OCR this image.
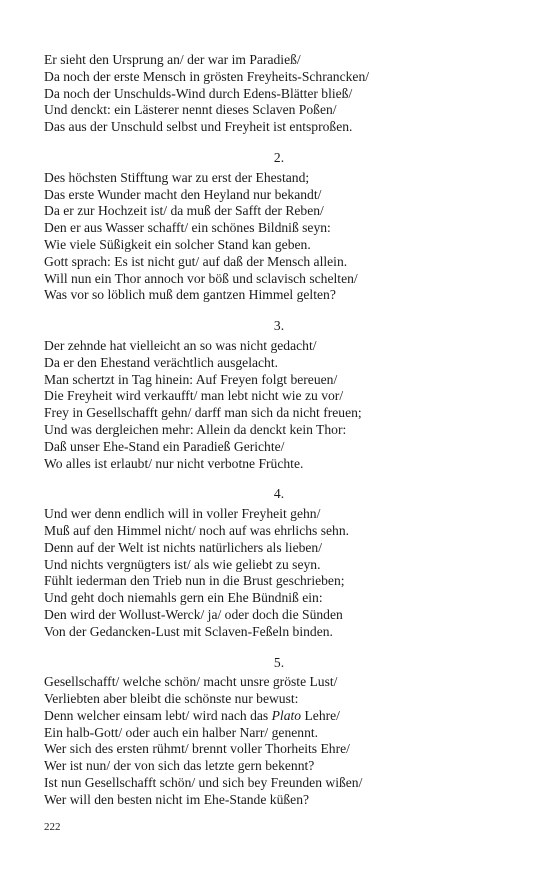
Er sieht den Ursprung an/ der war im Paradieß/
Da noch der erste Mensch in grösten Freyheits-Schrancken/
Da noch der Unschulds-Wind durch Edens-Blätter bließ/
Und denckt: ein Lästerer nennt dieses Sclaven Poßen/
Das aus der Unschuld selbst und Freyheit ist entsproßen.
2.
Des höchsten Stifftung war zu erst der Ehestand;
Das erste Wunder macht den Heyland nur bekandt/
Da er zur Hochzeit ist/ da muß der Safft der Reben/
Den er aus Wasser schafft/ ein schönes Bildniß seyn:
Wie viele Süßigkeit ein solcher Stand kan geben.
Gott sprach: Es ist nicht gut/ auf daß der Mensch allein.
Will nun ein Thor annoch vor böß und sclavisch schelten/
Was vor so löblich muß dem gantzen Himmel gelten?
3.
Der zehnde hat vielleicht an so was nicht gedacht/
Da er den Ehestand verächtlich ausgelacht.
Man schertzt in Tag hinein: Auf Freyen folgt bereuen/
Die Freyheit wird verkaufft/ man lebt nicht wie zu vor/
Frey in Gesellschafft gehn/ darff man sich da nicht freuen;
Und was dergleichen mehr: Allein da denckt kein Thor:
Daß unser Ehe-Stand ein Paradieß Gerichte/
Wo alles ist erlaubt/ nur nicht verbotne Früchte.
4.
Und wer denn endlich will in voller Freyheit gehn/
Muß auf den Himmel nicht/ noch auf was ehrlichs sehn.
Denn auf der Welt ist nichts natürlichers als lieben/
Und nichts vergnügters ist/ als wie geliebt zu seyn.
Fühlt iederman den Trieb nun in die Brust geschrieben;
Und geht doch niemahls gern ein Ehe Bündniß ein:
Den wird der Wollust-Werck/ ja/ oder doch die Sünden
Von der Gedancken-Lust mit Sclaven-Feßeln binden.
5.
Gesellschafft/ welche schön/ macht unsre gröste Lust/
Verliebten aber bleibt die schönste nur bewust:
Denn welcher einsam lebt/ wird nach das Plato Lehre/
Ein halb-Gott/ oder auch ein halber Narr/ genennt.
Wer sich des ersten rühmt/ brennt voller Thorheits Ehre/
Wer ist nun/ der von sich das letzte gern bekennt?
Ist nun Gesellschafft schön/ und sich bey Freunden wißen/
Wer will den besten nicht im Ehe-Stande küßen?
222
